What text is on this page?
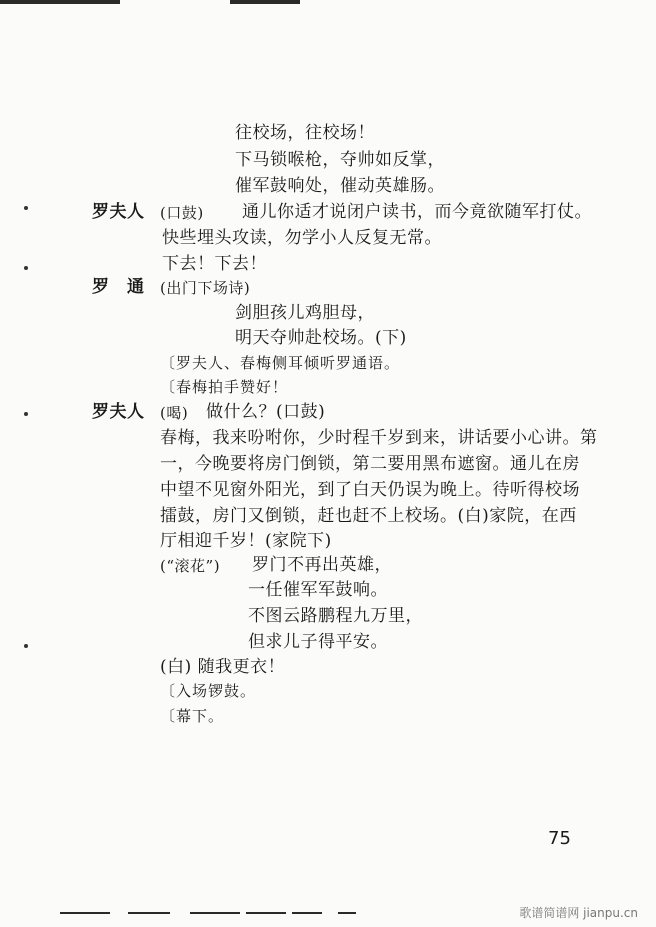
往校场，往校场！
下马锁喉枪，夺帅如反掌，
催军鼓响处，催动英雄肠。
罗夫人 (口鼓) 通儿你适才说闭户读书，而今竟欲随军打仗。
快些埋头攻读，勿学小人反复无常。
下去！下去！
罗　通 (出门下场诗)
剑胆孩儿鸡胆母，
明天夺帅赴校场。(下)
〔罗夫人、春梅侧耳倾听罗通语。
〔春梅拍手赞好！
罗夫人 (喝) 做什么？(口鼓)
春梅，我来吩咐你，少时程千岁到来，讲话要小心讲。第
一，今晚要将房门倒锁，第二要用黑布遮窗。通儿在房
中望不见窗外阳光，到了白天仍误为晚上。待听得校场
擂鼓，房门又倒锁，赶也赶不上校场。(白)家院，在西
厅相迎千岁！(家院下)
(“滚花”) 罗门不再出英雄，
一任催军军鼓响。
不图云路鹏程九万里，
但求儿子得平安。
(白) 随我更衣！
〔入场锣鼓。
〔幕下。
75
歌谱简谱网 jianpu.cn
